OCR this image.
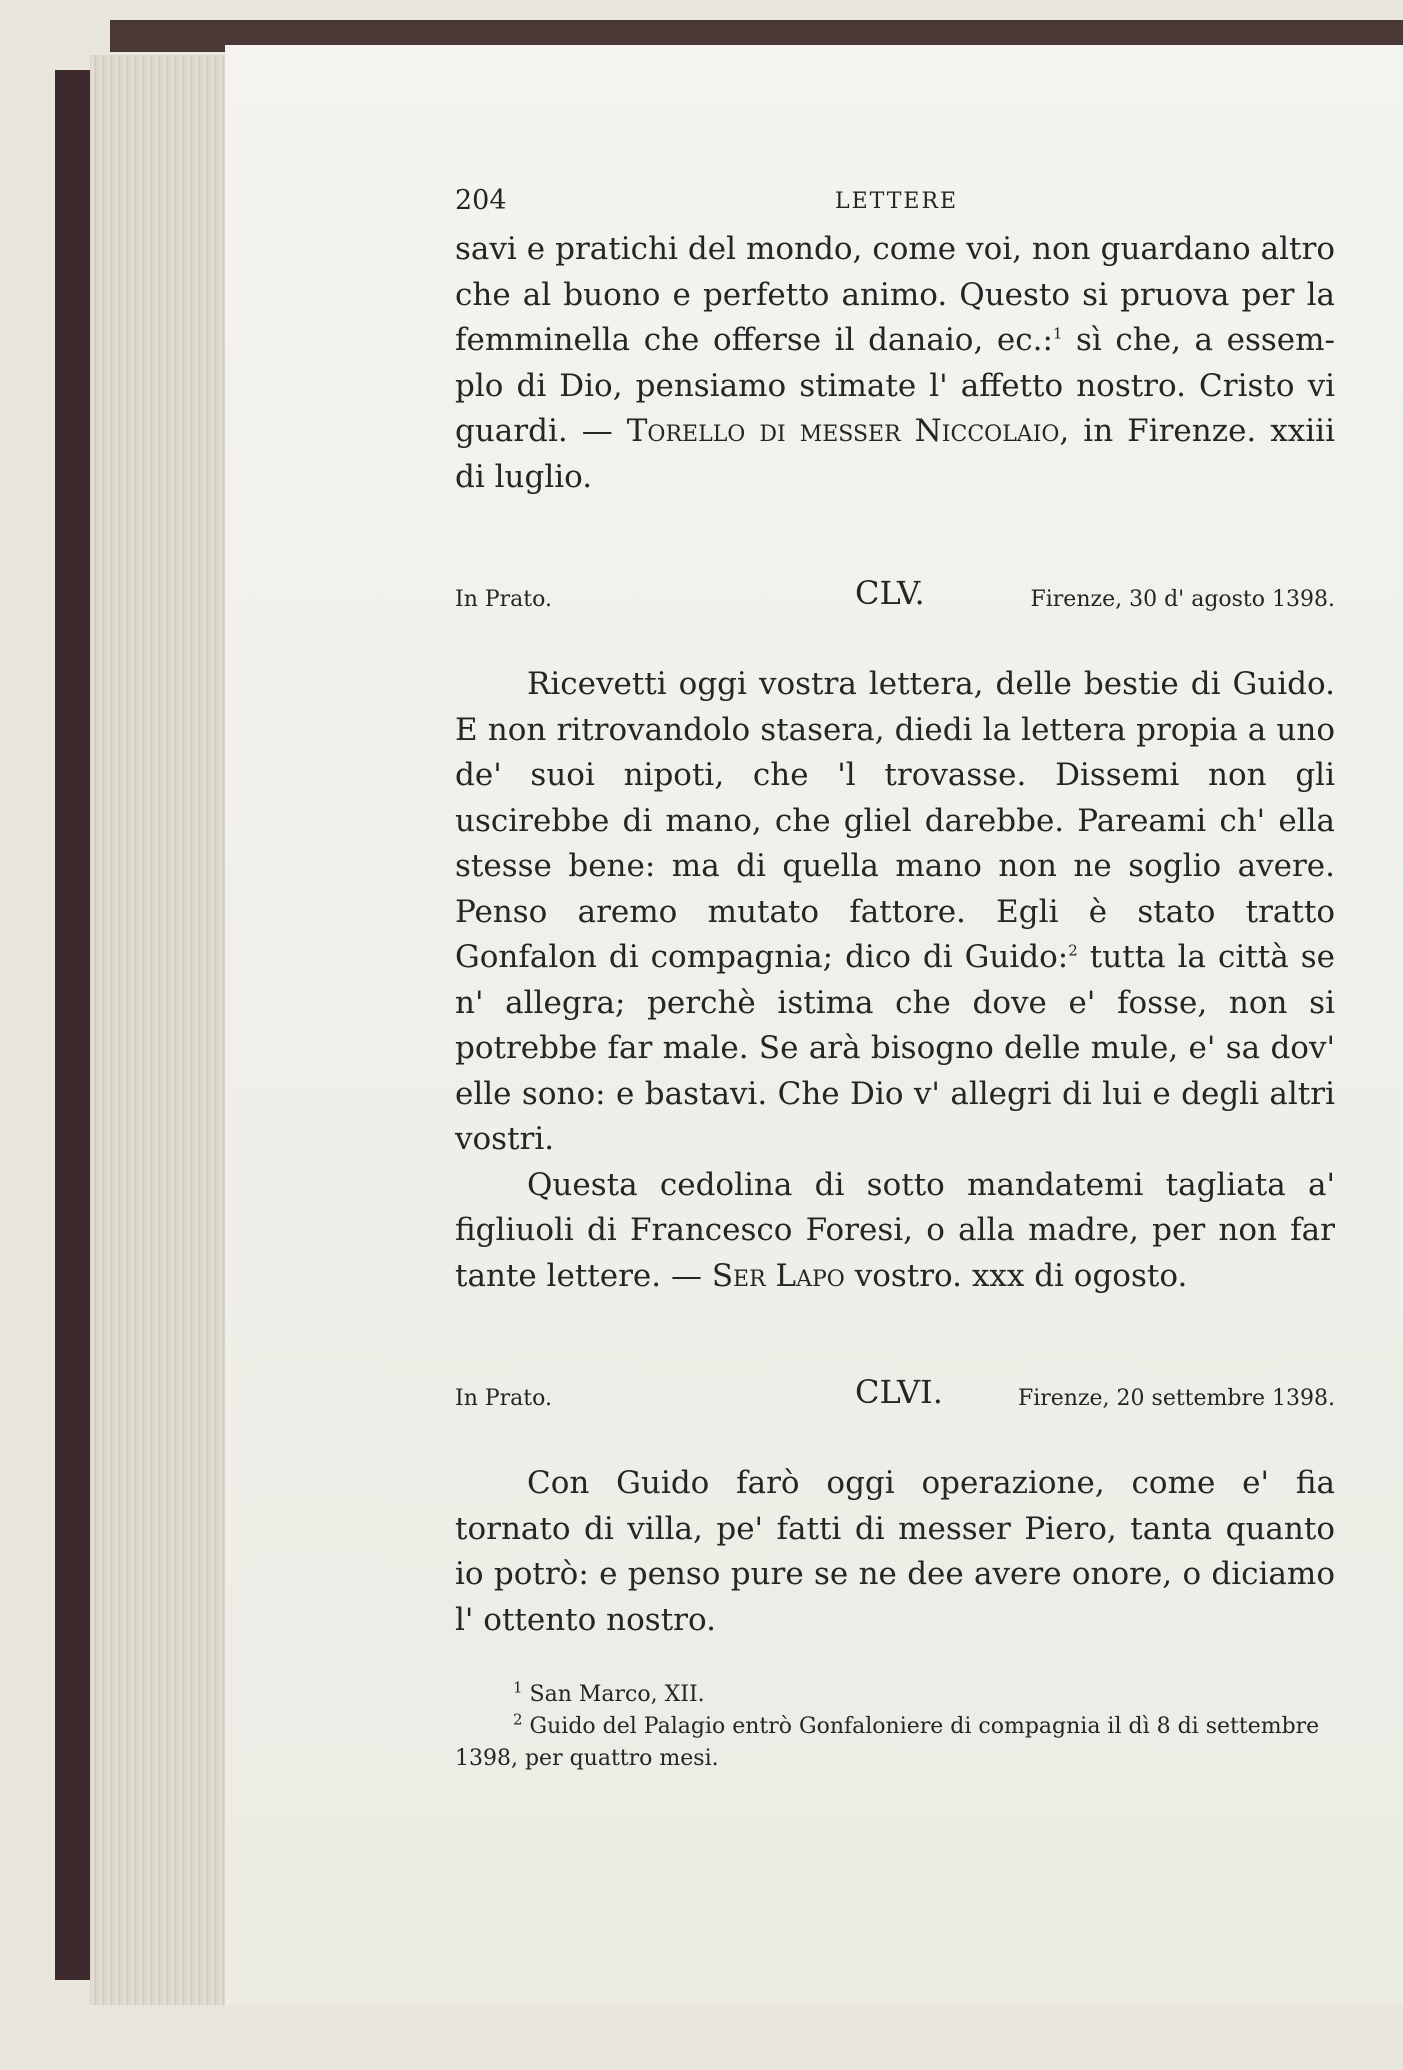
204	LETTERE

savi e pratichi del mondo, come voi, non guardano altro che al buono e perfetto animo. Questo si pruova per la femminella che offerse il danaio, ec.:$^1$ sì che, a essem- plo di Dio, pensiamo stimate l' affetto nostro. Cristo vi guardi. — Torello di messer Niccolaio, in Firenze. xxiii di luglio.

In Prato.	CLV.	Firenze, 30 d' agosto 1398.

Ricevetti oggi vostra lettera, delle bestie di Guido. E non ritrovandolo stasera, diedi la lettera propia a uno de' suoi nipoti, che 'l trovasse. Dissemi non gli uscirebbe di mano, che gliel darebbe. Pareami ch' ella stesse bene: ma di quella mano non ne soglio avere. Penso aremo mutato fattore. Egli è stato tratto Gonfalon di compagnia; dico di Guido:$^2$ tutta la città se n' allegra; perchè istima che dove e' fosse, non si potrebbe far male. Se arà bisogno delle mule, e' sa dov' elle sono: e bastavi. Che Dio v' allegri di lui e degli altri vostri.

Questa cedolina di sotto mandatemi tagliata a' figliuoli di Francesco Foresi, o alla madre, per non far tante lettere. — Ser Lapo vostro. xxx di ogosto.

In Prato.	CLVI.	Firenze, 20 settembre 1398.

Con Guido farò oggi operazione, come e' fia tornato di villa, pe' fatti di messer Piero, tanta quanto io potrò: e penso pure se ne dee avere onore, o diciamo l' ottento nostro.

$^1$ San Marco, XII.

$^2$ Guido del Palagio entrò Gonfaloniere di compagnia il dì 8 di settembre 1398, per quattro mesi.
